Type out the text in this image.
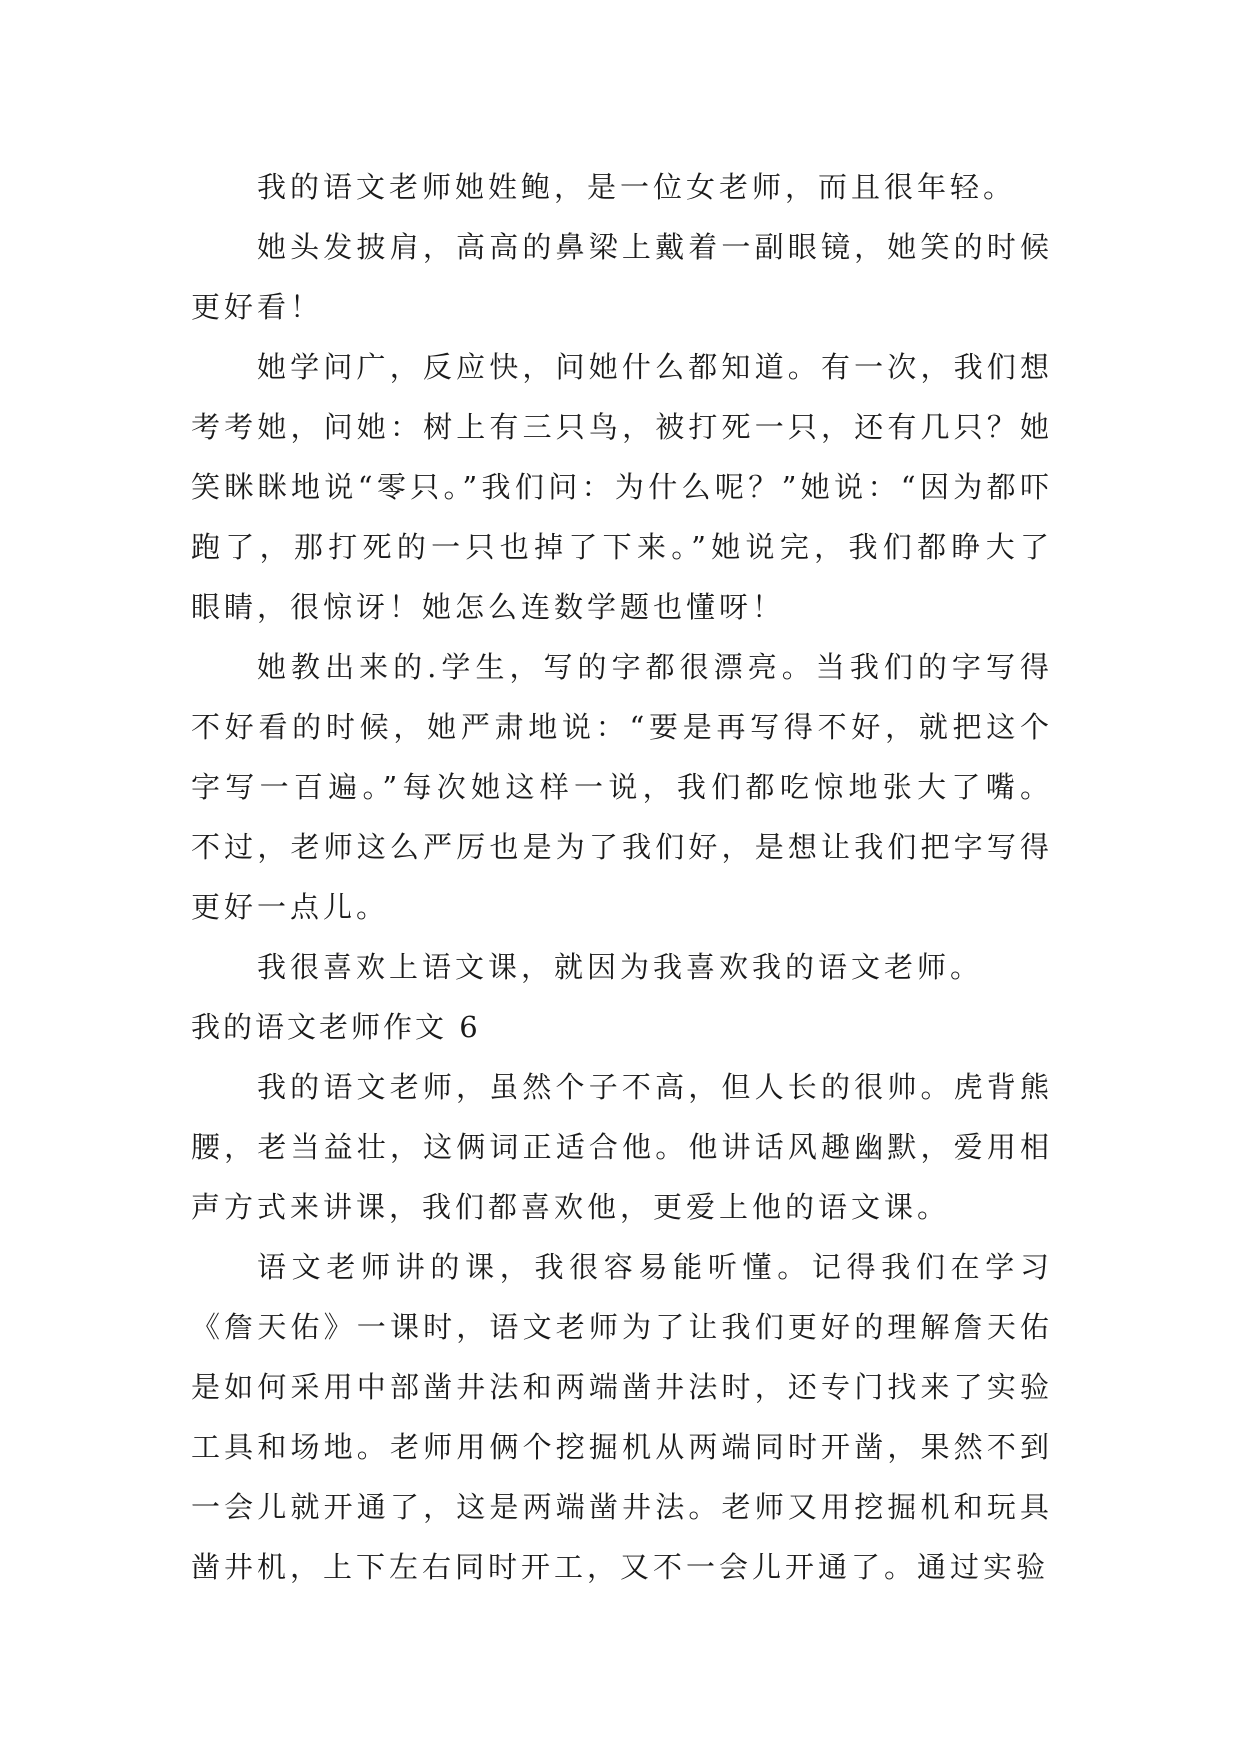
我的语文老师她姓鲍，是一位女老师，而且很年轻。

她头发披肩，高高的鼻梁上戴着一副眼镜，她笑的时候更好看！

她学问广，反应快，问她什么都知道。有一次，我们想考考她，问她：树上有三只鸟，被打死一只，还有几只？她笑眯眯地说“零只。”我们问：为什么呢？”她说：“因为都吓跑了，那打死的一只也掉了下来。”她说完，我们都睁大了眼睛，很惊讶！她怎么连数学题也懂呀！

她教出来的.学生，写的字都很漂亮。当我们的字写得不好看的时候，她严肃地说：“要是再写得不好，就把这个字写一百遍。”每次她这样一说，我们都吃惊地张大了嘴。不过，老师这么严厉也是为了我们好，是想让我们把字写得更好一点儿。

我很喜欢上语文课，就因为我喜欢我的语文老师。

我的语文老师作文 6

我的语文老师，虽然个子不高，但人长的很帅。虎背熊腰，老当益壮，这俩词正适合他。他讲话风趣幽默，爱用相声方式来讲课，我们都喜欢他，更爱上他的语文课。

语文老师讲的课，我很容易能听懂。记得我们在学习《詹天佑》一课时，语文老师为了让我们更好的理解詹天佑是如何采用中部凿井法和两端凿井法时，还专门找来了实验工具和场地。老师用俩个挖掘机从两端同时开凿，果然不到一会儿就开通了，这是两端凿井法。老师又用挖掘机和玩具凿井机，上下左右同时开工，又不一会儿开通了。通过实验
